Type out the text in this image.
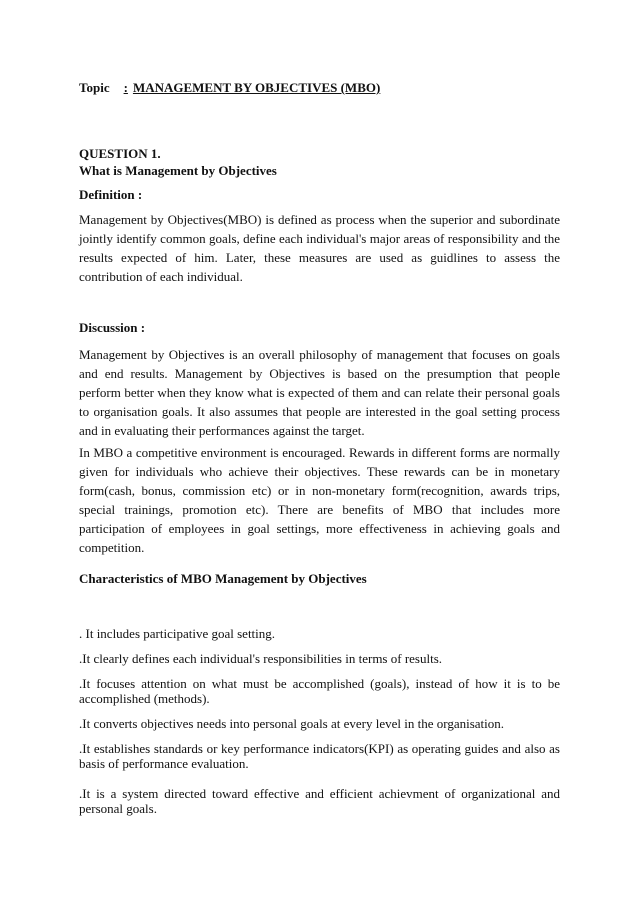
Topic : MANAGEMENT BY OBJECTIVES (MBO)
QUESTION 1.
What is Management by Objectives
Definition :

Management by Objectives(MBO) is defined as process when the superior and subordinate jointly identify common goals, define each individual's major areas of responsibility and the results expected of him. Later, these measures are used as guidlines to assess the contribution of each individual.

Discussion :

Management by Objectives is an overall philosophy of management that focuses on goals and end results. Management by Objectives is based on the presumption that people perform better when they know what is expected of them and can relate their personal goals to organisation goals. It also assumes that people are interested in the goal setting process and in evaluating their performances against the target.

In MBO a competitive environment is encouraged. Rewards in different forms are normally given for individuals who achieve their objectives. These rewards can be in monetary form(cash, bonus, commission etc) or in non-monetary form(recognition, awards trips, special trainings, promotion etc). There are benefits of MBO that includes more participation of employees in goal settings, more effectiveness in achieving goals and competition.

Characteristics of MBO Management by Objectives

. It includes participative goal setting.

.It clearly defines each individual's responsibilities in terms of results.

.It focuses attention on what must be accomplished (goals), instead of how it is to be accomplished (methods).

.It converts objectives needs into personal goals at every level in the organisation.

.It establishes standards or key performance indicators(KPI) as operating guides and also as basis of performance evaluation.

.It is a system directed toward effective and efficient achievment of organizational and personal goals.
